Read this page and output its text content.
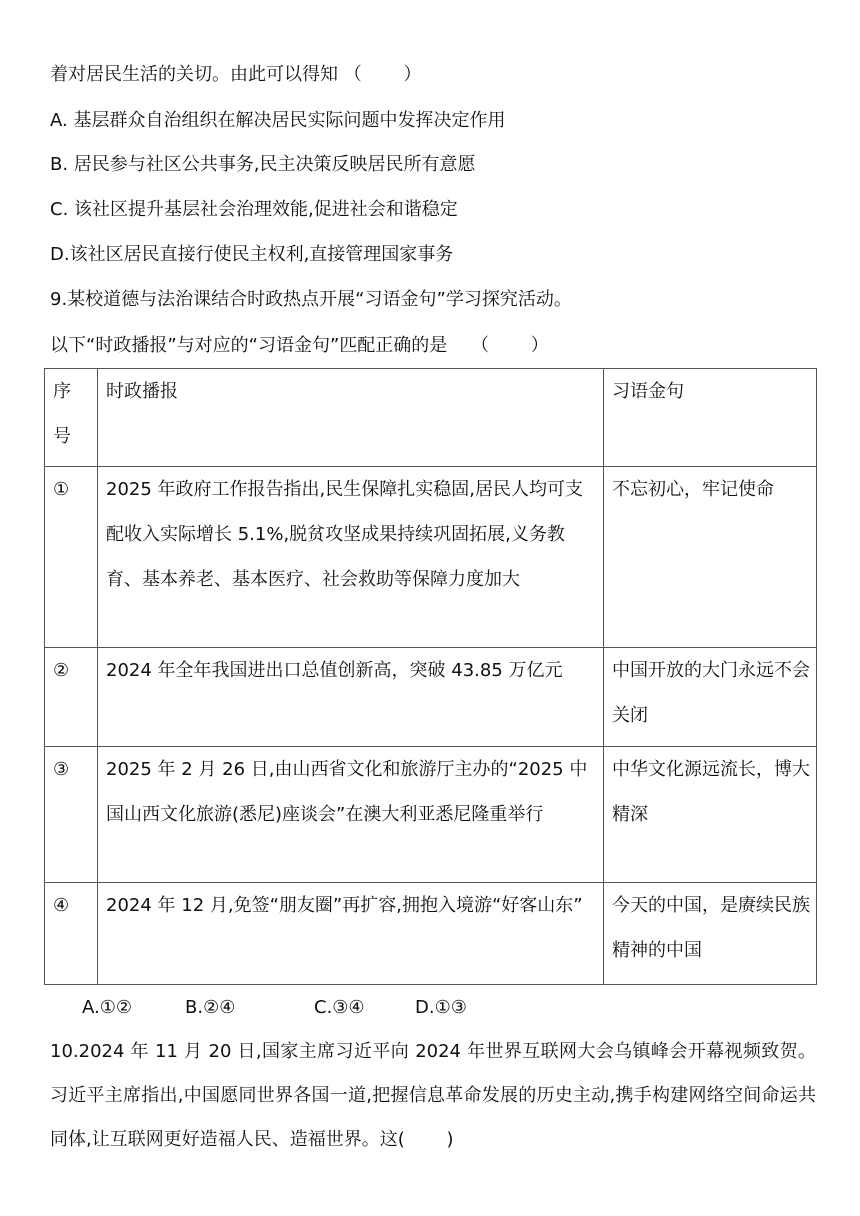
着对居民生活的关切。由此可以得知 （　　 ）
A. 基层群众自治组织在解决居民实际问题中发挥决定作用
B. 居民参与社区公共事务,民主决策反映居民所有意愿
C. 该社区提升基层社会治理效能,促进社会和谐稳定
D.该社区居民直接行使民主权利,直接管理国家事务
9.某校道德与法治课结合时政热点开展“习语金句”学习探究活动。
以下“时政播报”与对应的“习语金句”匹配正确的是　 （　　 ）
序号	时政播报	习语金句

①	2025 年政府工作报告指出,民生保障扎实稳固,居民人均可支配收入实际增长 5.1%,脱贫攻坚成果持续巩固拓展,义务教育、基本养老、基本医疗、社会救助等保障力度加大	不忘初心，牢记使命

②	2024 年全年我国进出口总值创新高，突破 43.85 万亿元	中国开放的大门永远不会关闭

③	2025 年 2 月 26 日,由山西省文化和旅游厅主办的“2025 中国山西文化旅游(悉尼)座谈会”在澳大利亚悉尼隆重举行	中华文化源远流长，博大精深

④	2024 年 12 月,免签“朋友圈”再扩容,拥抱入境游“好客山东”	今天的中国，是赓续民族精神的中国
A.①②	B.②④	C.③④	D.①③
10.2024 年 11 月 20 日,国家主席习近平向 2024 年世界互联网大会乌镇峰会开幕视频致贺。习近平主席指出,中国愿同世界各国一道,把握信息革命发展的历史主动,携手构建网络空间命运共同体,让互联网更好造福人民、造福世界。这(　　 )
